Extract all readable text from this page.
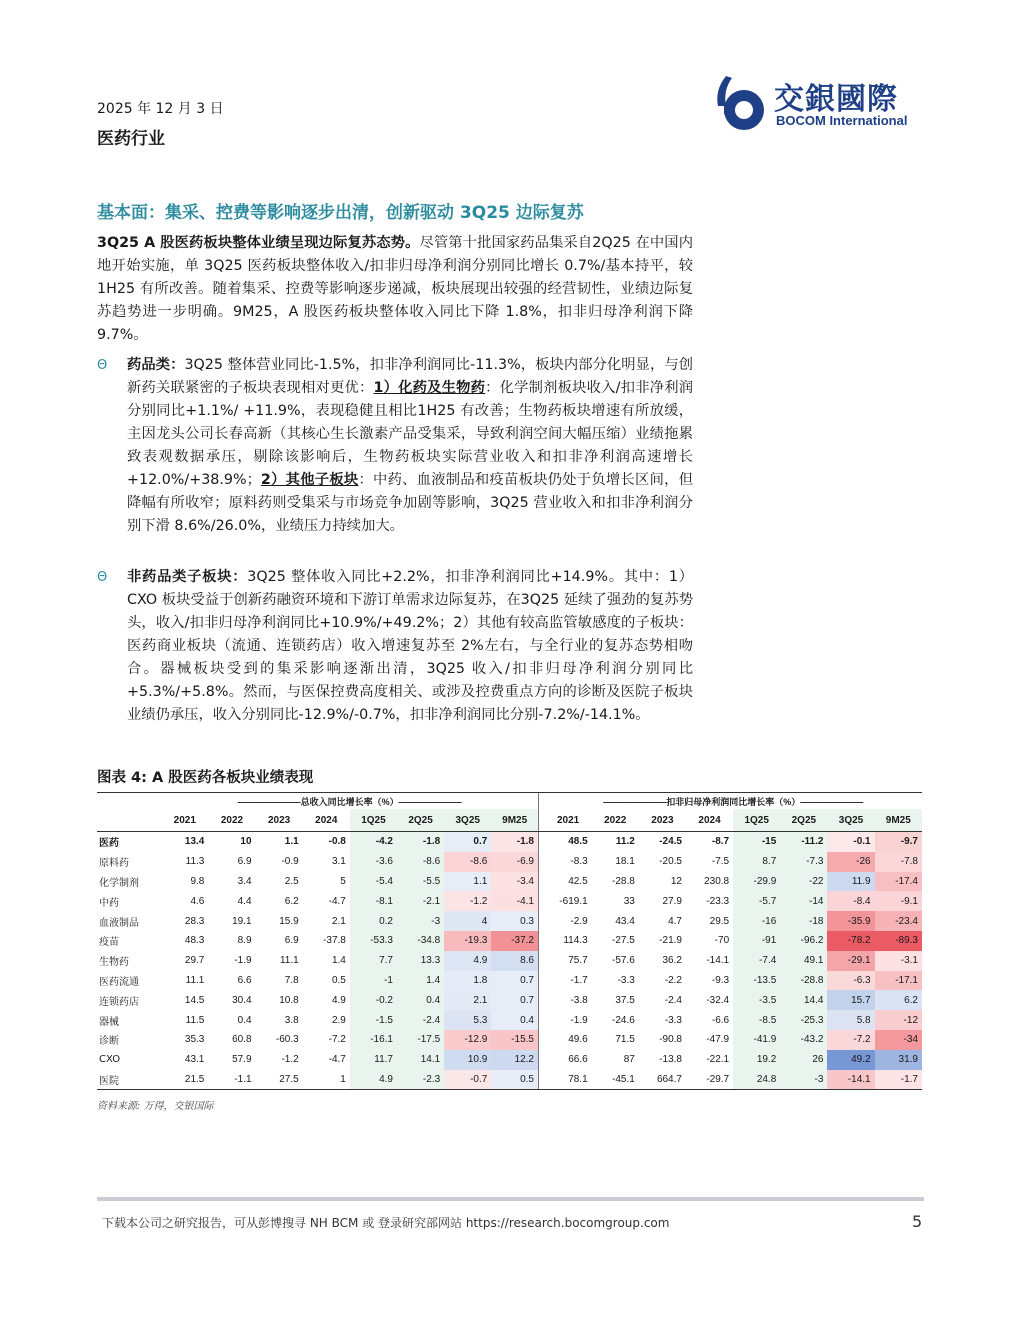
2025 年 12 月 3 日
医药行业
交銀國際
BOCOM International
基本面：集采、控费等影响逐步出清，创新驱动 3Q25 边际复苏
3Q25 A 股医药板块整体业绩呈现边际复苏态势。尽管第十批国家药品集采自2Q25 在中国内地开始实施，单 3Q25 医药板块整体收入/扣非归母净利润分别同比增长 0.7%/基本持平，较 1H25 有所改善。随着集采、控费等影响逐步递减，板块展现出较强的经营韧性，业绩边际复苏趋势进一步明确。9M25，A 股医药板块整体收入同比下降 1.8%，扣非归母净利润下降 9.7%。
Θ 药品类：3Q25 整体营业同比-1.5%，扣非净利润同比-11.3%，板块内部分化明显，与创新药关联紧密的子板块表现相对更优：1）化药及生物药：化学制剂板块收入/扣非净利润分别同比+1.1%/ +11.9%，表现稳健且相比1H25 有改善；生物药板块增速有所放缓，主因龙头公司长春高新（其核心生长激素产品受集采，导致利润空间大幅压缩）业绩拖累致表观数据承压，剔除该影响后，生物药板块实际营业收入和扣非净利润高速增长+12.0%/+38.9%；2）其他子板块：中药、血液制品和疫苗板块仍处于负增长区间，但降幅有所收窄；原料药则受集采与市场竞争加剧等影响，3Q25 营业收入和扣非净利润分别下滑 8.6%/26.0%，业绩压力持续加大。
Θ 非药品类子板块：3Q25 整体收入同比+2.2%，扣非净利润同比+14.9%。其中：1）CXO 板块受益于创新药融资环境和下游订单需求边际复苏，在3Q25 延续了强劲的复苏势头，收入/扣非归母净利润同比+10.9%/+49.2%；2）其他有较高监管敏感度的子板块：医药商业板块（流通、连锁药店）收入增速复苏至 2%左右，与全行业的复苏态势相吻合。器械板块受到的集采影响逐渐出清，3Q25 收入/扣非归母净利润分别同比+5.3%/+5.8%。然而，与医保控费高度相关、或涉及控费重点方向的诊断及医院子板块业绩仍承压，收入分别同比-12.9%/-0.7%，扣非净利润同比分别-7.2%/-14.1%。
图表 4: A 股医药各板块业绩表现
	———————总收入同比增长率（%）———————									———————扣非归母净利润同比增长率（%）———————							
	2021	2022	2023	2024	1Q25	2Q25	3Q25	9M25		2021	2022	2023	2024	1Q25	2Q25	3Q25	9M25
医药	13.4	10	1.1	-0.8	-4.2	-1.8	0.7	-1.8		48.5	11.2	-24.5	-8.7	-15	-11.2	-0.1	-9.7
原料药	11.3	6.9	-0.9	3.1	-3.6	-8.6	-8.6	-6.9		-8.3	18.1	-20.5	-7.5	8.7	-7.3	-26	-7.8
化学制剂	9.8	3.4	2.5	5	-5.4	-5.5	1.1	-3.4		42.5	-28.8	12	230.8	-29.9	-22	11.9	-17.4
中药	4.6	4.4	6.2	-4.7	-8.1	-2.1	-1.2	-4.1		-619.1	33	27.9	-23.3	-5.7	-14	-8.4	-9.1
血液制品	28.3	19.1	15.9	2.1	0.2	-3	4	0.3		-2.9	43.4	4.7	29.5	-16	-18	-35.9	-23.4
疫苗	48.3	8.9	6.9	-37.8	-53.3	-34.8	-19.3	-37.2		114.3	-27.5	-21.9	-70	-91	-96.2	-78.2	-89.3
生物药	29.7	-1.9	11.1	1.4	7.7	13.3	4.9	8.6		75.7	-57.6	36.2	-14.1	-7.4	49.1	-29.1	-3.1
医药流通	11.1	6.6	7.8	0.5	-1	1.4	1.8	0.7		-1.7	-3.3	-2.2	-9.3	-13.5	-28.8	-6.3	-17.1
连锁药店	14.5	30.4	10.8	4.9	-0.2	0.4	2.1	0.7		-3.8	37.5	-2.4	-32.4	-3.5	14.4	15.7	6.2
器械	11.5	0.4	3.8	2.9	-1.5	-2.4	5.3	0.4		-1.9	-24.6	-3.3	-6.6	-8.5	-25.3	5.8	-12
诊断	35.3	60.8	-60.3	-7.2	-16.1	-17.5	-12.9	-15.5		49.6	71.5	-90.8	-47.9	-41.9	-43.2	-7.2	-34
CXO	43.1	57.9	-1.2	-4.7	11.7	14.1	10.9	12.2		66.6	87	-13.8	-22.1	19.2	26	49.2	31.9
医院	21.5	-1.1	27.5	1	4.9	-2.3	-0.7	0.5		78.1	-45.1	664.7	-29.7	24.8	-3	-14.1	-1.7
资料来源: 万得，交银国际
下载本公司之研究报告，可从彭博搜寻 NH BCM 或 登录研究部网站 https://research.bocomgroup.com	5
